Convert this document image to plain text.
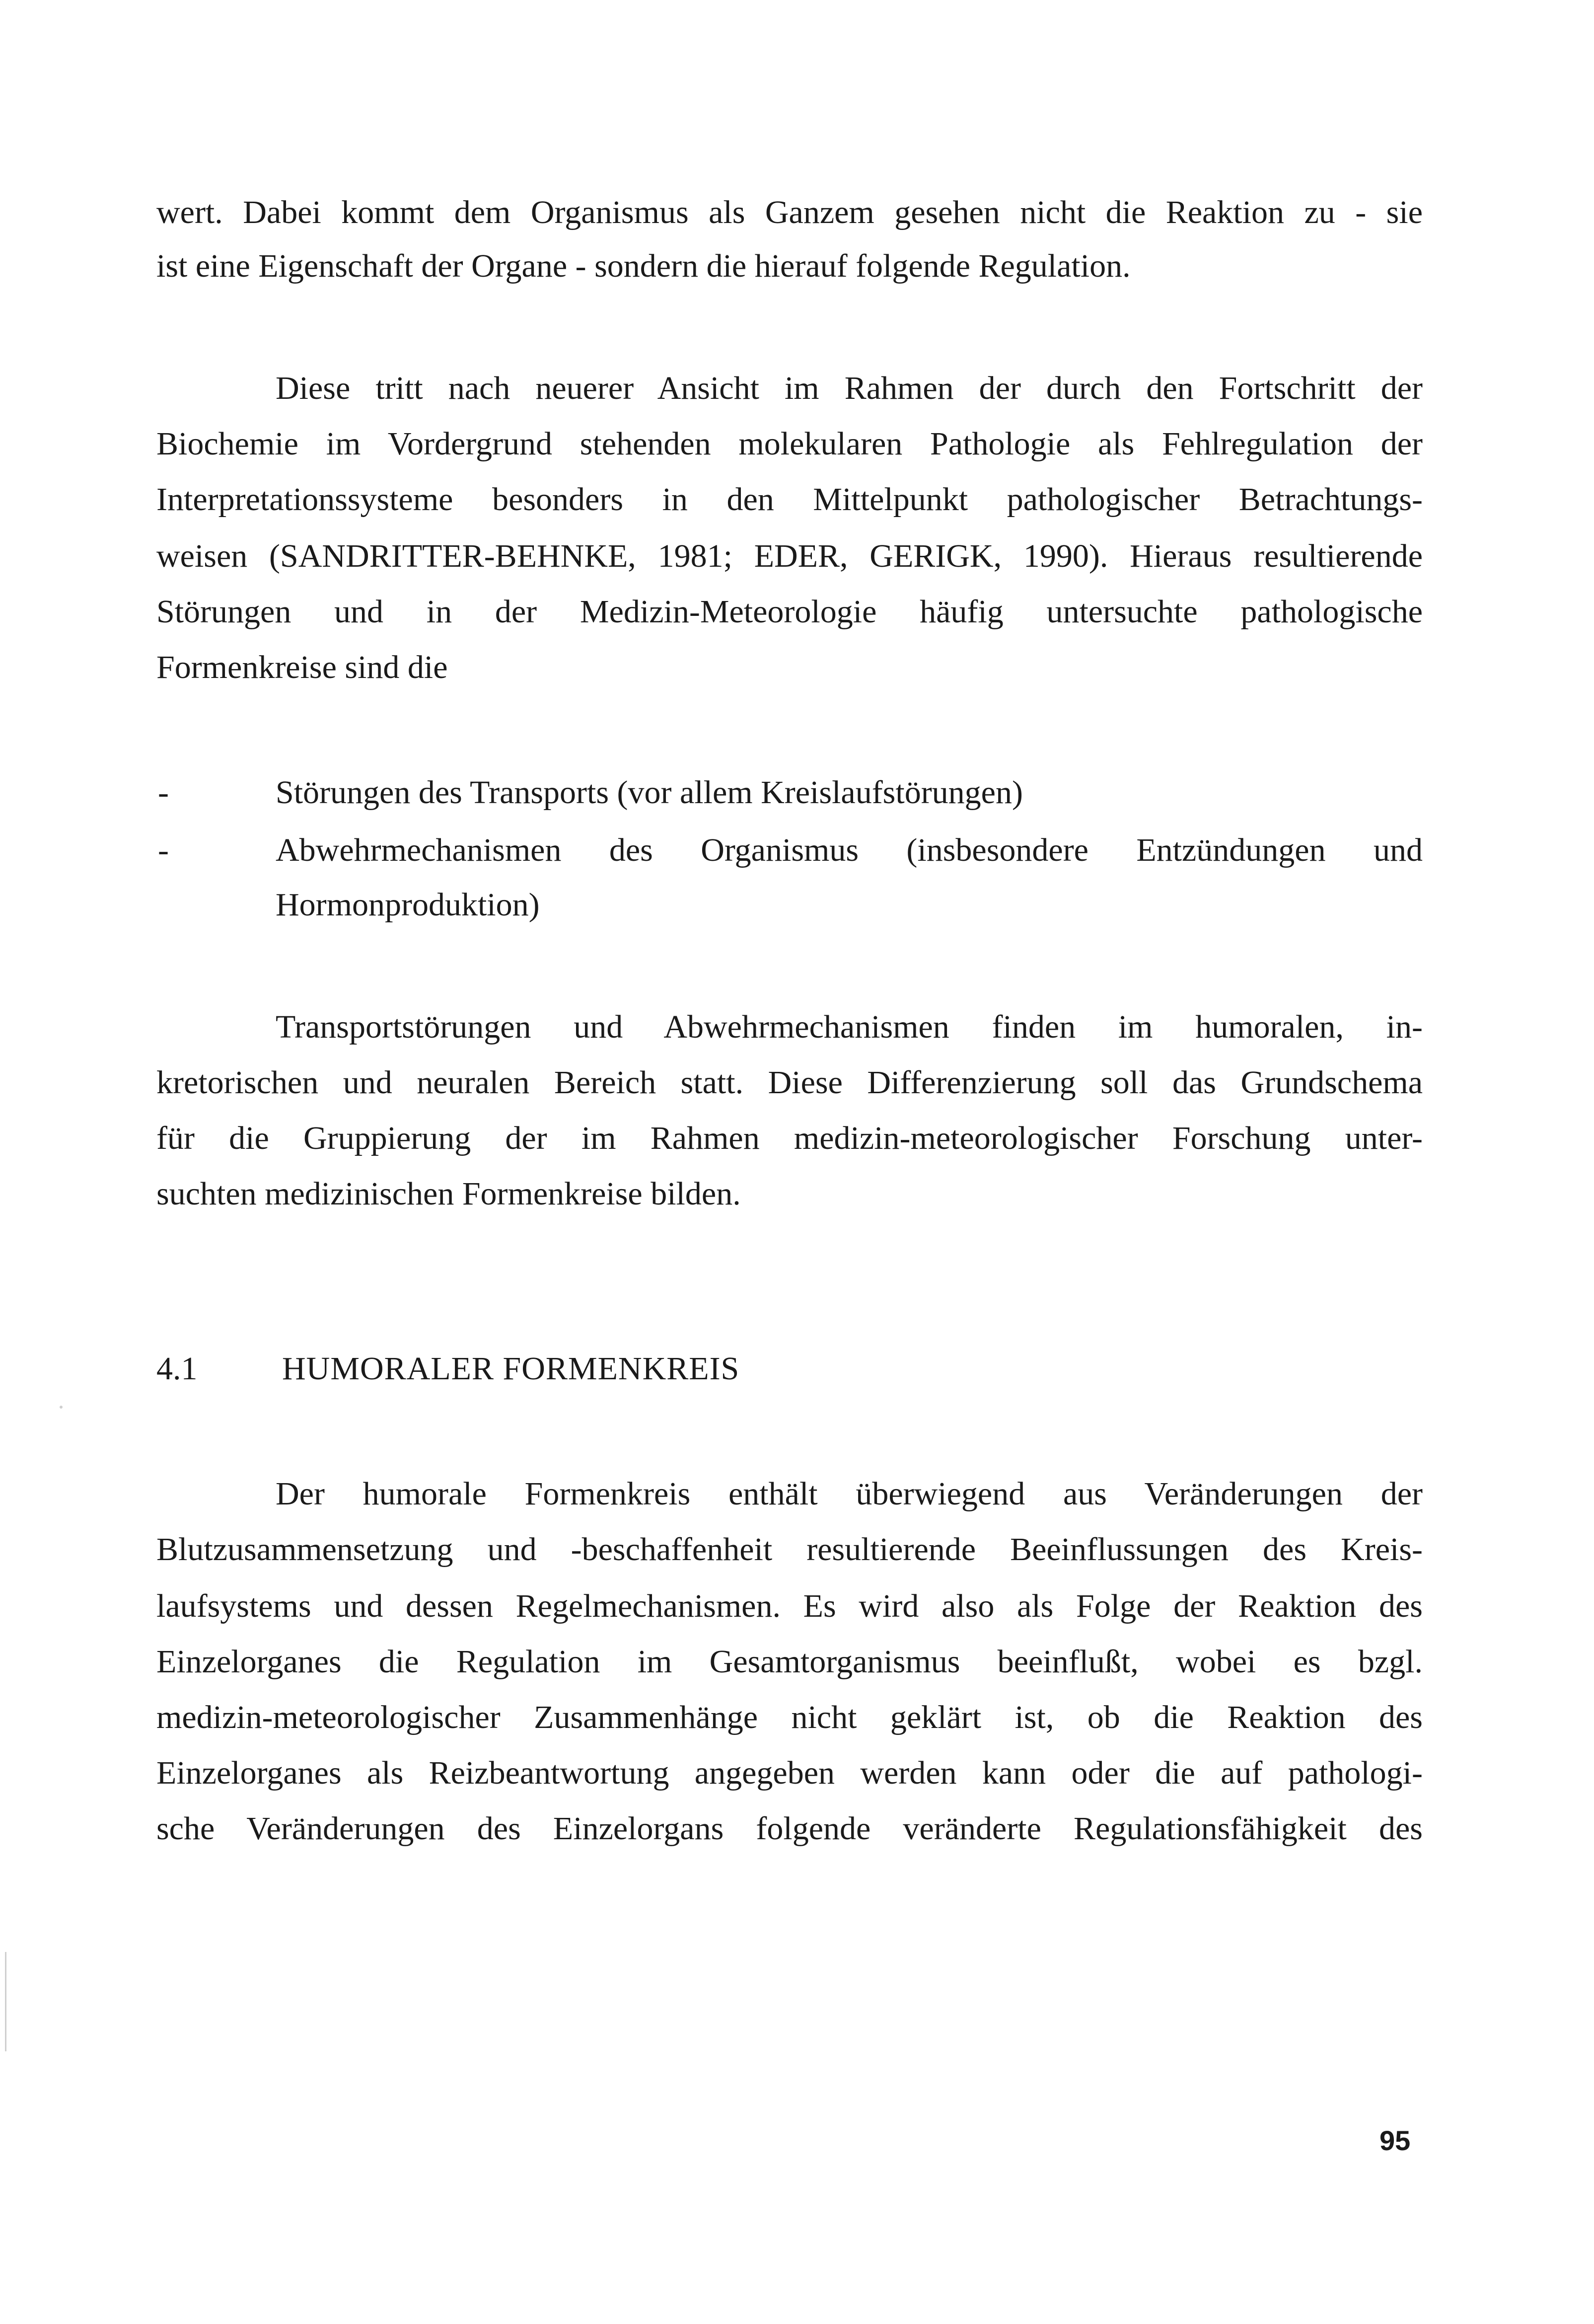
wert. Dabei kommt dem Organismus als Ganzem gesehen nicht die Reaktion zu - sie
ist eine Eigenschaft der Organe - sondern die hierauf folgende Regulation.
Diese tritt nach neuerer Ansicht im Rahmen der durch den Fortschritt der
Biochemie im Vordergrund stehenden molekularen Pathologie als Fehlregulation der
Interpretationssysteme besonders in den Mittelpunkt pathologischer Betrachtungs-
weisen (SANDRITTER-BEHNKE, 1981; EDER, GERIGK, 1990). Hieraus resultierende
Störungen und in der Medizin-Meteorologie häufig untersuchte pathologische
Formenkreise sind die
-	Störungen des Transports (vor allem Kreislaufstörungen)
-	Abwehrmechanismen des Organismus (insbesondere Entzündungen und
Hormonproduktion)
Transportstörungen und Abwehrmechanismen finden im humoralen, in-
kretorischen und neuralen Bereich statt. Diese Differenzierung soll das Grundschema
für die Gruppierung der im Rahmen medizin-meteorologischer Forschung unter-
suchten medizinischen Formenkreise bilden.
4.1	HUMORALER FORMENKREIS
Der humorale Formenkreis enthält überwiegend aus Veränderungen der
Blutzusammensetzung und -beschaffenheit resultierende Beeinflussungen des Kreis-
laufsystems und dessen Regelmechanismen. Es wird also als Folge der Reaktion des
Einzelorganes die Regulation im Gesamtorganismus beeinflußt, wobei es bzgl.
medizin-meteorologischer Zusammenhänge nicht geklärt ist, ob die Reaktion des
Einzelorganes als Reizbeantwortung angegeben werden kann oder die auf pathologi-
sche Veränderungen des Einzelorgans folgende veränderte Regulationsfähigkeit des
95
